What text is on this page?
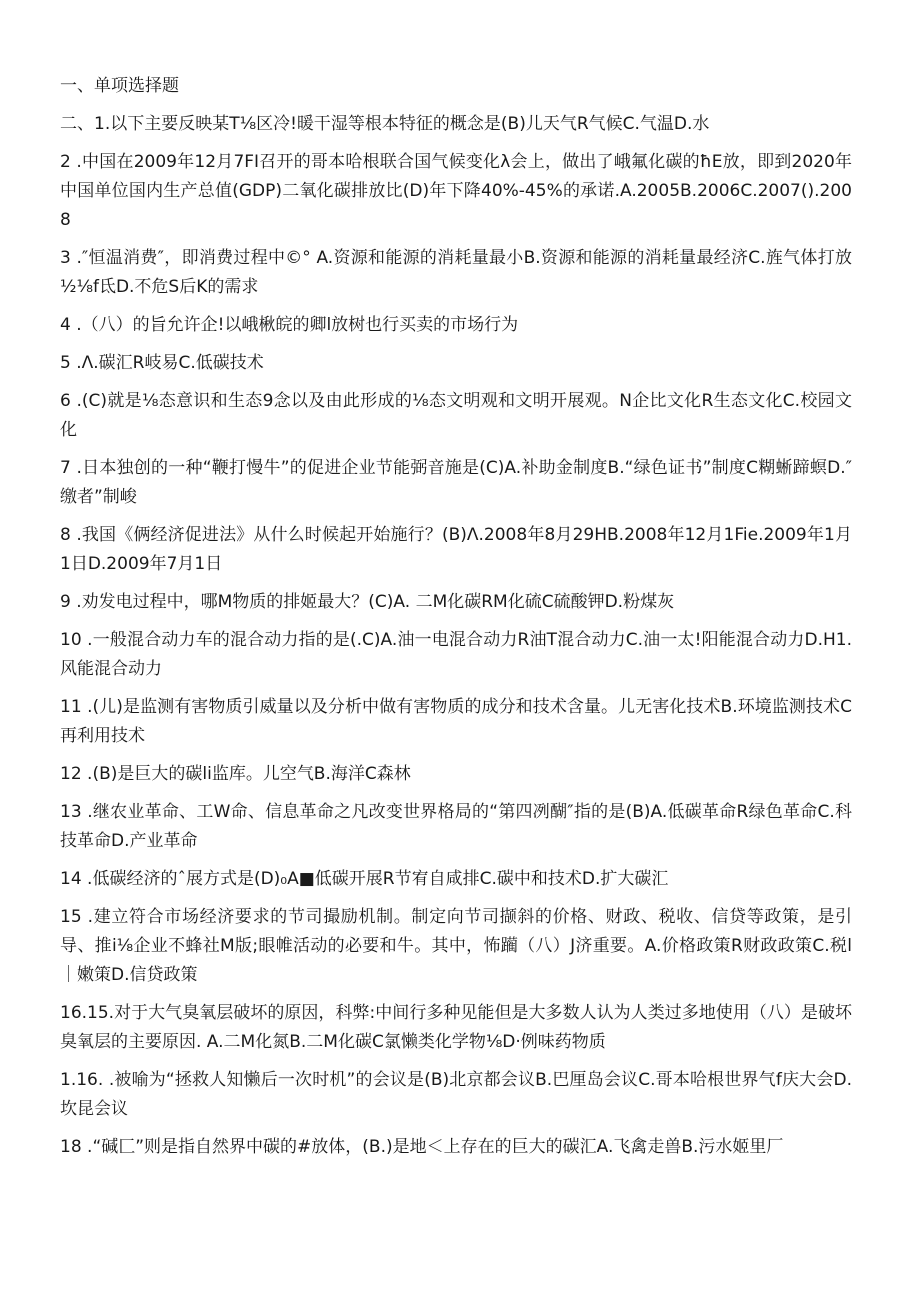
一、单项选择题

二、1.以下主要反映某T⅛区冷!暖干湿等根本特征的概念是(B)儿天气R气候C.气温D.水

2 .中国在2009年12月7FI召开的哥本哈根联合国气候变化λ会上，做出了峨氟化碳的ħE放，即到2020年中国单位国内生产总值(GDP)二氧化碳排放比(D)年下降40%-45%的承诺.A.2005B.2006C.2007().2008

3 .″恒温消费″，即消费过程中©° A.资源和能源的消耗量最小B.资源和能源的消耗量最经济C.旌气体打放½⅛f氐D.不危S后K的需求

4 .（八）的旨允许企!以峨楸皖的卿l放树也行买卖的市场行为

5 .Λ.碳汇R岐易C.低碳技术

6 .(C)就是⅛态意识和生态9念以及由此形成的⅛态文明观和文明开展观。N企比文化R生态文化C.校园文化

7 .日本独创的一种“鞭打慢牛”的促进企业节能弼音施是(C)A.补助金制度B.“绿色证书”制度C糊蜥蹄螟D.″缴者”制峻

8 .我国《俩经济促进法》从什么时候起开始施行？(B)Λ.2008年8月29HB.2008年12月1Fie.2009年1月1日D.2009年7月1日

9 .劝发电过程中，哪M物质的排姬最大？(C)A. 二M化碳RM化硫C硫酸钾D.粉煤灰

10 .一般混合动力车的混合动力指的是(.C)A.油一电混合动力R油T混合动力C.油一太!阳能混合动力D.H1.风能混合动力

11 .(儿)是监测有害物质引威量以及分析中做有害物质的成分和技术含量。儿无害化技术B.环境监测技术C再利用技术

12 .(B)是巨大的碳li监库。儿空气B.海洋C森林

13 .继农业革命、工W命、信息革命之凡改变世界格局的“第四冽醐″指的是(B)A.低碳革命R绿色革命C.科技革命D.产业革命

14 .低碳经济的ˆ展方式是(D)₀A■低碳开展R节宥自咸排C.碳中和技术D.扩大碳汇

15 .建立符合市场经济要求的节司撮励机制。制定向节司撷斜的价格、财政、税收、信贷等政策，是引导、推i⅛企业不蜂社M版;眼帷活动的必要和牛。其中，怖躏（八）J济重要。A.价格政策R财政政策C.税l｜嫩策D.信贷政策

16.15.对于大气臭氧层破坏的原因，科弊:中间行多种见能但是大多数人认为人类过多地使用（八）是破坏臭氧层的主要原因. A.二M化氮B.二M化碳C氯懒类化学物⅛D·例味药物质

1.16. .被喻为“拯救人知懒后一次时机”的会议是(B)北京都会议B.巴厘岛会议C.哥本哈根世界气f庆大会D.坎昆会议

18 .“碱匚”则是指自然界中碳的#放体，(B.)是地＜上存在的巨大的碳汇A.飞禽走兽B.污水姬里厂
